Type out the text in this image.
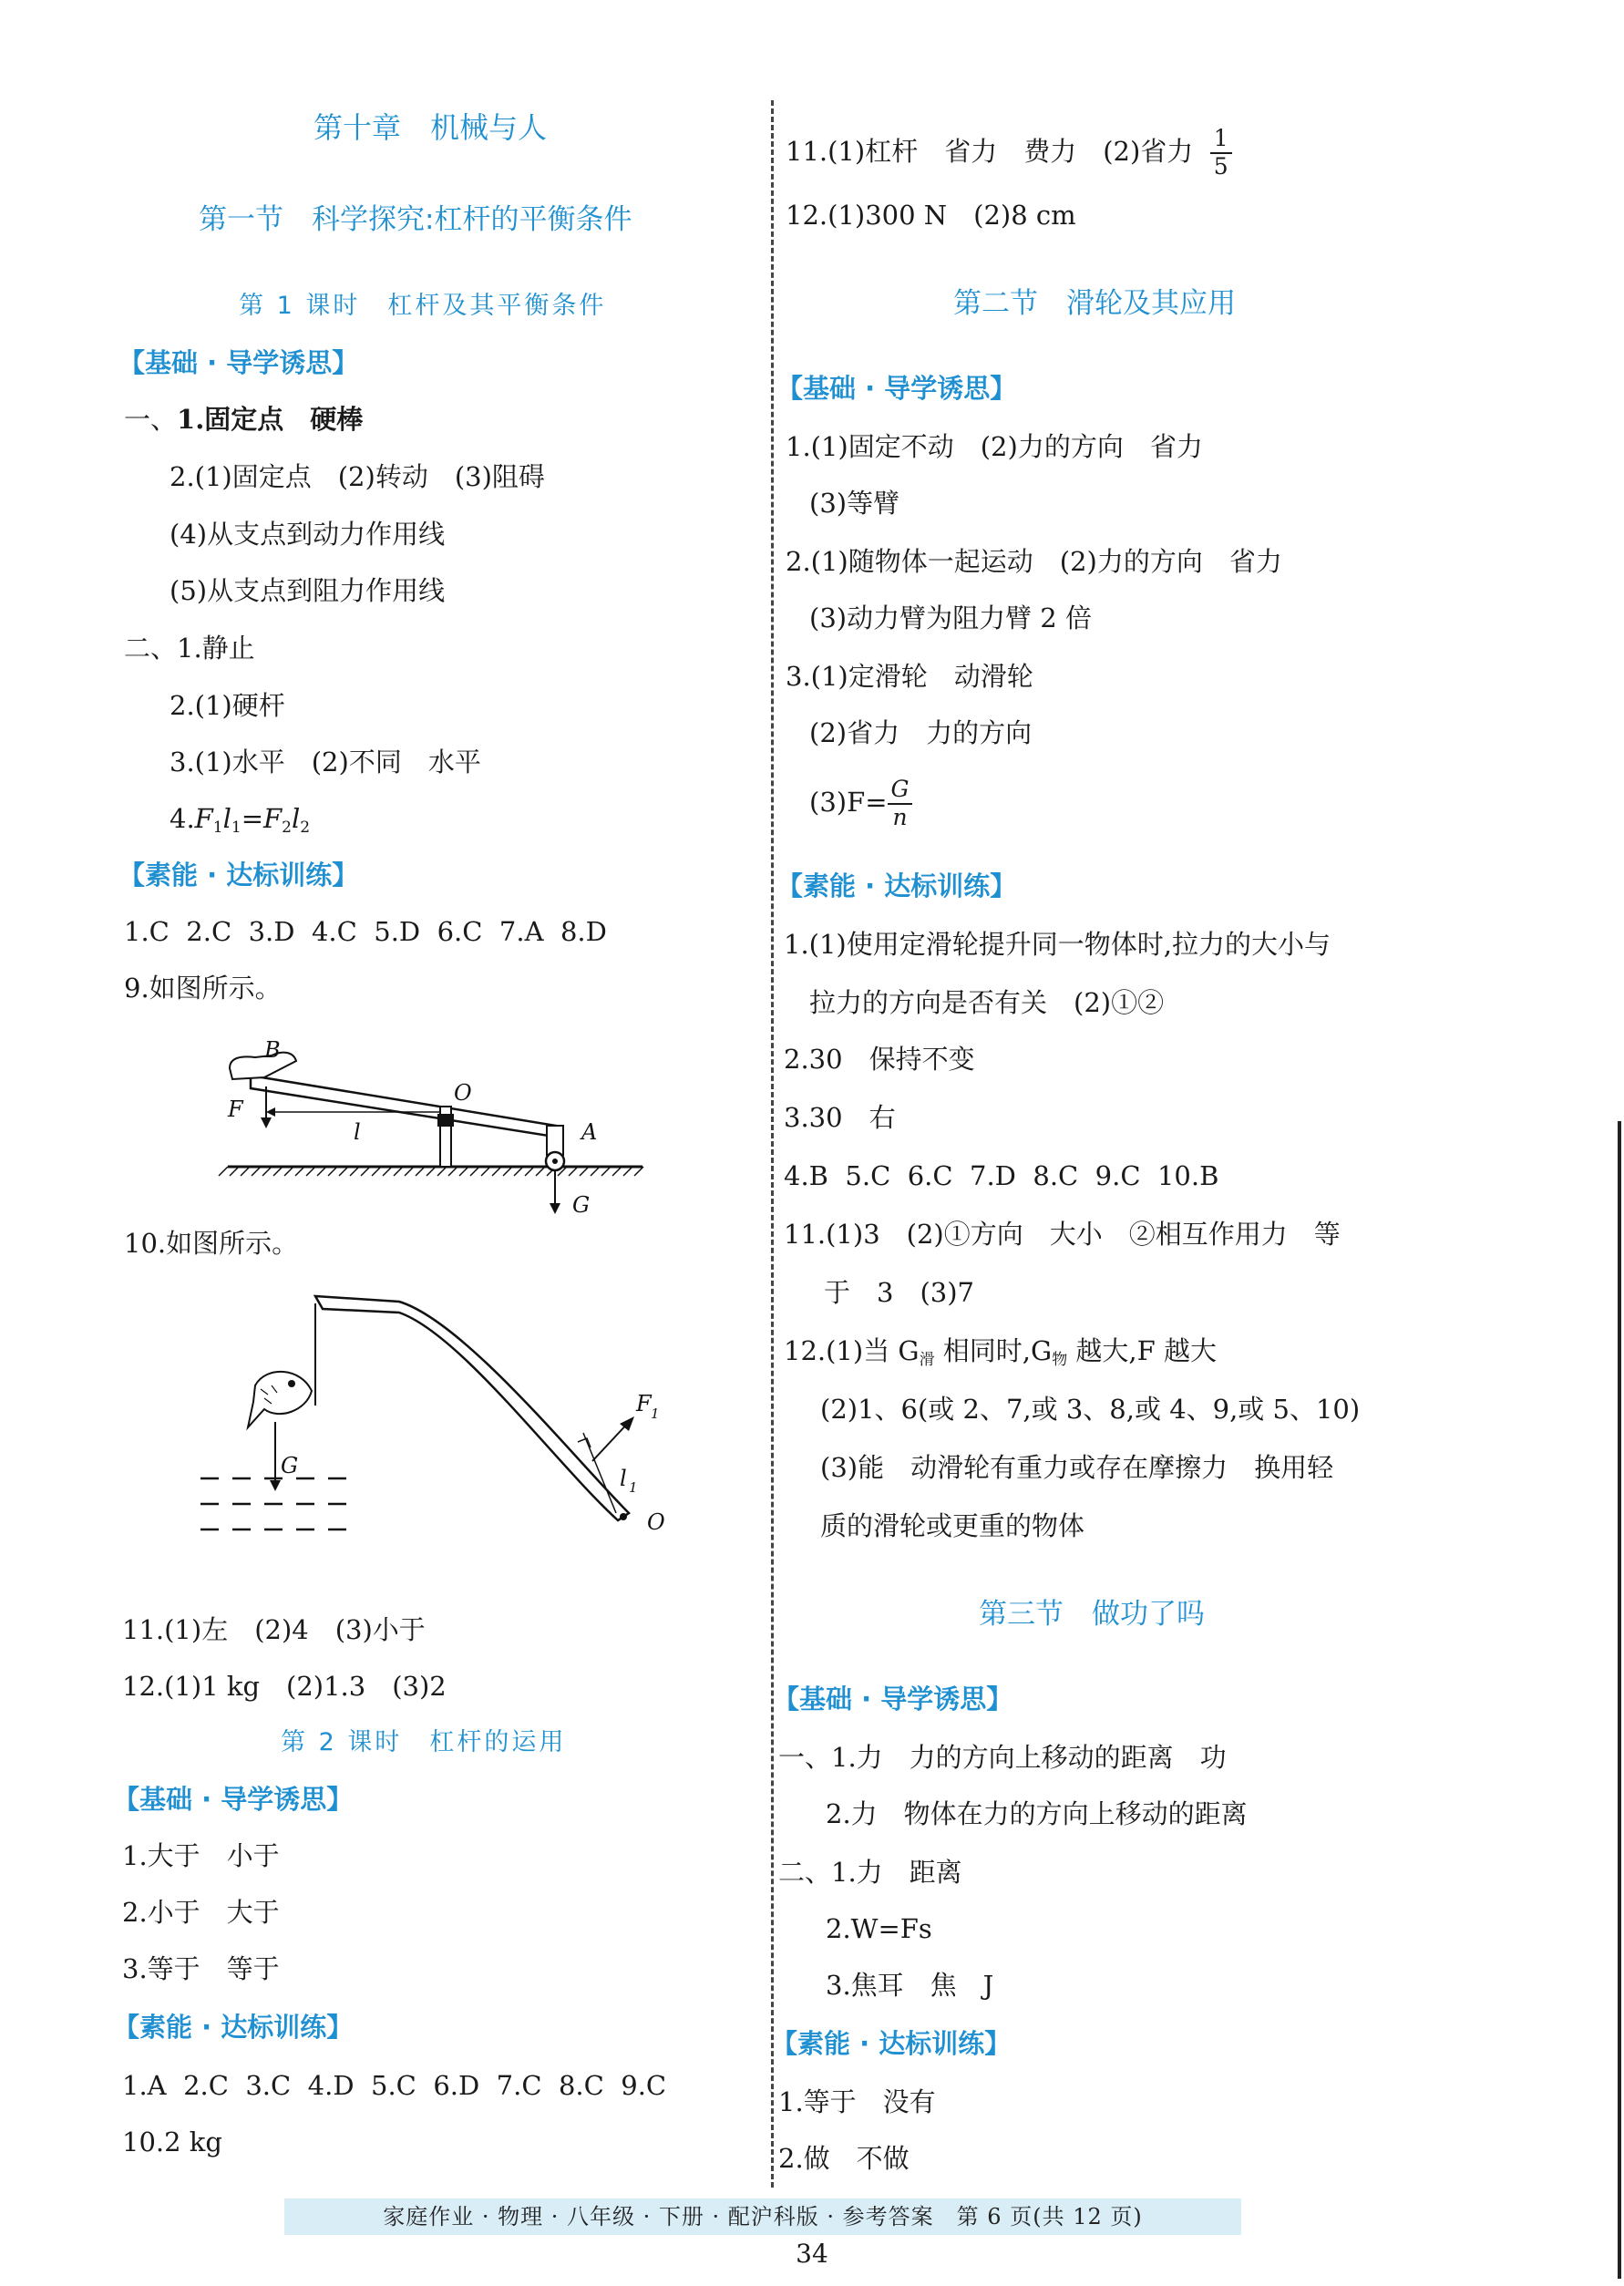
第十章　机械与人
第一节　科学探究:杠杆的平衡条件
第 1 课时　杠杆及其平衡条件
【基础 · 导学诱思】
一、1.固定点　硬棒
2.(1)固定点　(2)转动　(3)阻碍
(4)从支点到动力作用线
(5)从支点到阻力作用线
二、1.静止
2.(1)硬杆
3.(1)水平　(2)不同　水平
$4.F_1l_1=F_2l_2$
【素能 · 达标训练】
1.C 2.C 3.D 4.C 5.D 6.C 7.A 8.D
9.如图所示。
B
O
F
l	A
G
10.如图所示。
F 1
l 1
O
G
11.(1)左　(2)4　(3)小于
12.(1)1 kg　(2)1.3　(3)2
第 2 课时　杠杆的运用
【基础 · 导学诱思】
1.大于　小于
2.小于　大于
3.等于　等于
【素能 · 达标训练】
1.A 2.C 3.C 4.D 5.C 6.D 7.C 8.C 9.C
10.2 kg
11.(1)杠杆　省力　费力　(2)省力 $\frac{1}{5}$
12.(1)300 N　(2)8 cm
第二节　滑轮及其应用
【基础 · 导学诱思】
1.(1)固定不动　(2)力的方向　省力
(3)等臂
2.(1)随物体一起运动　(2)力的方向　省力
(3)动力臂为阻力臂 2 倍
3.(1)定滑轮　动滑轮
(2)省力　力的方向
$(3)F= \frac{G}{n}$
【素能 · 达标训练】
1.(1)使用定滑轮提升同一物体时,拉力的大小与
拉力的方向是否有关　(2)①②
2.30　保持不变
3.30　右
4.B 5.C 6.C 7.D 8.C 9.C 10.B
11.(1)3　(2)①方向　大小　②相互作用力　等
于　3　(3)7
12.(1)当 $G_滑$ 相同时$,G_物$ 越大,F 越大
(2)1、6(或 2、7,或 3、8,或 4、9,或 5、10)
(3)能　动滑轮有重力或存在摩擦力　换用轻
质的滑轮或更重的物体
第三节　做功了吗
【基础 · 导学诱思】
一、1.力　力的方向上移动的距离　功
2.力　物体在力的方向上移动的距离
二、1.力　距离
2.W=Fs
3.焦耳　焦　J
【素能 · 达标训练】
1.等于　没有
2.做　不做
家庭作业 · 物理 · 八年级 · 下册 · 配沪科版 · 参考答案　第 6 页(共 12 页)
34
